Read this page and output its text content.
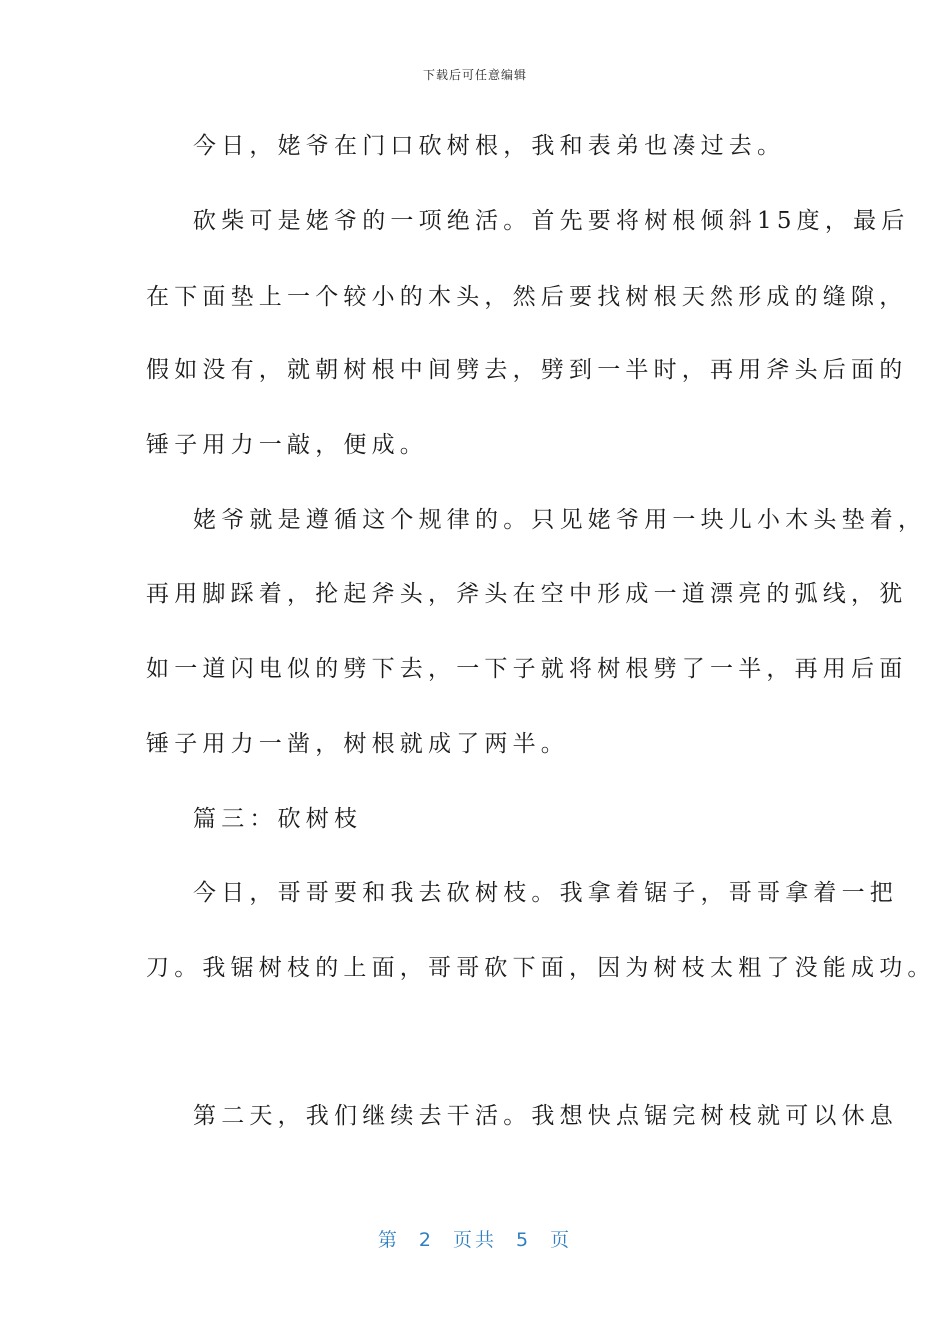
下载后可任意编辑
今日，姥爷在门口砍树根，我和表弟也凑过去。
砍柴可是姥爷的一项绝活。首先要将树根倾斜15度，最后
在下面垫上一个较小的木头，然后要找树根天然形成的缝隙，
假如没有，就朝树根中间劈去，劈到一半时，再用斧头后面的
锤子用力一敲，便成。
姥爷就是遵循这个规律的。只见姥爷用一块儿小木头垫着，
再用脚踩着，抡起斧头，斧头在空中形成一道漂亮的弧线，犹
如一道闪电似的劈下去，一下子就将树根劈了一半，再用后面
锤子用力一凿，树根就成了两半。
篇三：砍树枝
今日，哥哥要和我去砍树枝。我拿着锯子，哥哥拿着一把
刀。我锯树枝的上面，哥哥砍下面，因为树枝太粗了没能成功。
第二天，我们继续去干活。我想快点锯完树枝就可以休息
第 2 页共 5 页
